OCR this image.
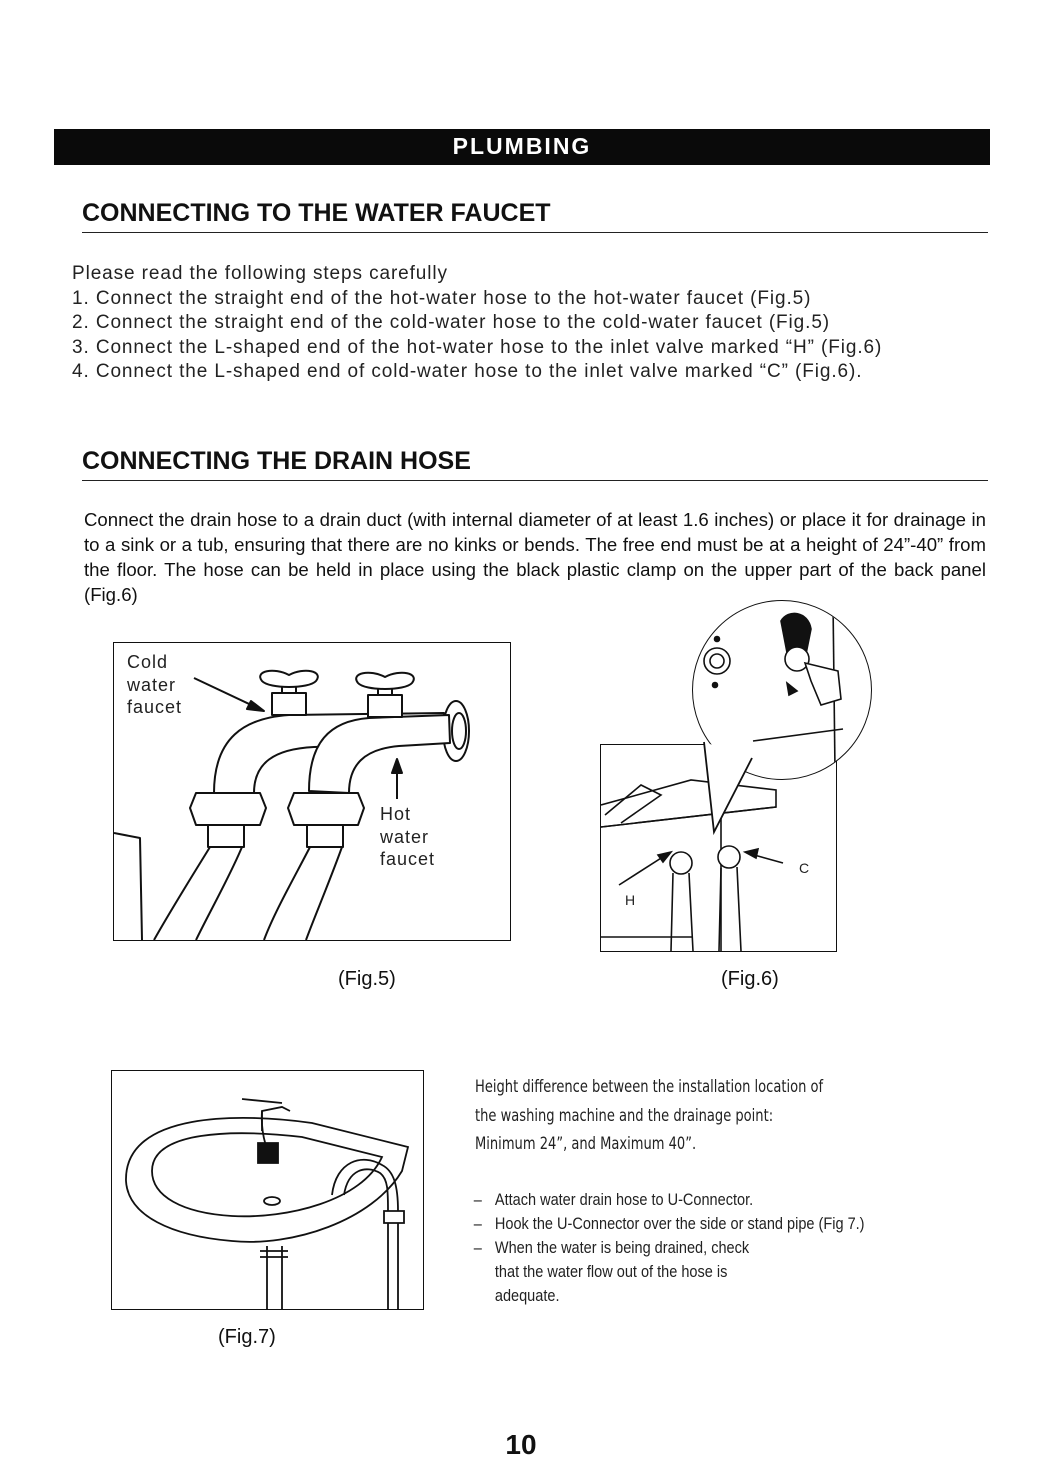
PLUMBING
CONNECTING TO THE WATER FAUCET
Please read the following steps carefully
1. Connect the straight end of the hot-water hose to the hot-water faucet (Fig.5)
2. Connect the straight end of the cold-water hose to the cold-water faucet (Fig.5)
3. Connect the L-shaped end of the hot-water hose to the inlet valve marked “H” (Fig.6)
4. Connect the L-shaped end of cold-water hose to the inlet valve marked “C” (Fig.6).
CONNECTING THE DRAIN HOSE
Connect the drain hose to a drain duct (with internal diameter of at least 1.6 inches) or place it for drainage in to a sink or a tub, ensuring that there are no kinks or bends. The free end must be at a height of 24”-40” from the floor. The hose can be held in place using the black plastic clamp on the upper part of the back panel (Fig.6)
Cold
water
faucet
Hot
water
faucet
(Fig.5)
H
C
(Fig.6)
(Fig.7)
Height difference between the installation location of
the washing machine and the drainage point:
Minimum 24”, and Maximum 40”.
– Attach water drain hose to U-Connector.
– Hook the U-Connector over the side or stand pipe (Fig 7.)
– When the water is being drained, check
that the water flow out of the hose is
adequate.
10
